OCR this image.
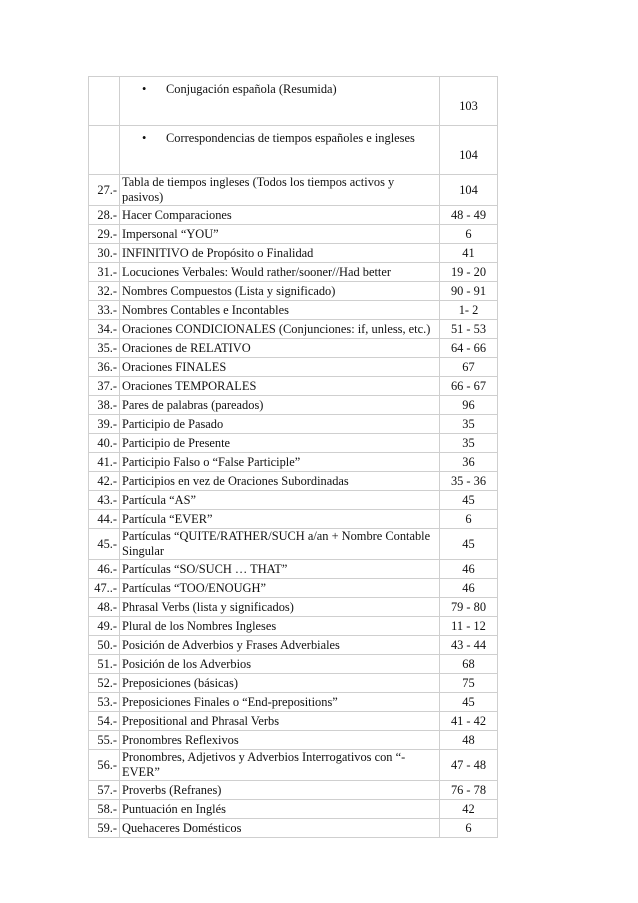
	•Conjugación española (Resumida)	103
	•Correspondencias de tiempos españoles e ingleses	104
27.-	Tabla de tiempos ingleses (Todos los tiempos activos y pasivos)	104
28.-	Hacer Comparaciones	48 - 49
29.-	Impersonal “YOU”	6
30.-	INFINITIVO de Propósito o Finalidad	41
31.-	Locuciones Verbales: Would rather/sooner//Had better	19 - 20
32.-	Nombres Compuestos (Lista y significado)	90 - 91
33.-	Nombres Contables e Incontables	1- 2
34.-	Oraciones CONDICIONALES (Conjunciones: if, unless, etc.)	51 - 53
35.-	Oraciones de RELATIVO	64 - 66
36.-	Oraciones FINALES	67
37.-	Oraciones TEMPORALES	66 - 67
38.-	Pares de palabras (pareados)	96
39.-	Participio de Pasado	35
40.-	Participio de Presente	35
41.-	Participio Falso o “False Participle”	36
42.-	Participios en vez de Oraciones Subordinadas	35 - 36
43.-	Partícula “AS”	45
44.-	Partícula “EVER”	6
45.-	Partículas “QUITE/RATHER/SUCH a/an + Nombre Contable Singular	45
46.-	Partículas “SO/SUCH … THAT”	46
47..-	Partículas “TOO/ENOUGH”	46
48.-	Phrasal Verbs (lista y significados)	79 - 80
49.-	Plural de los Nombres Ingleses	11 - 12
50.-	Posición de Adverbios y Frases Adverbiales	43 - 44
51.-	Posición de los Adverbios	68
52.-	Preposiciones (básicas)	75
53.-	Preposiciones Finales o “End-prepositions”	45
54.-	Prepositional and Phrasal Verbs	41 - 42
55.-	Pronombres Reflexivos	48
56.-	Pronombres, Adjetivos y Adverbios Interrogativos con “-EVER”	47 - 48
57.-	Proverbs (Refranes)	76 - 78
58.-	Puntuación en Inglés	42
59.-	Quehaceres Domésticos	6
